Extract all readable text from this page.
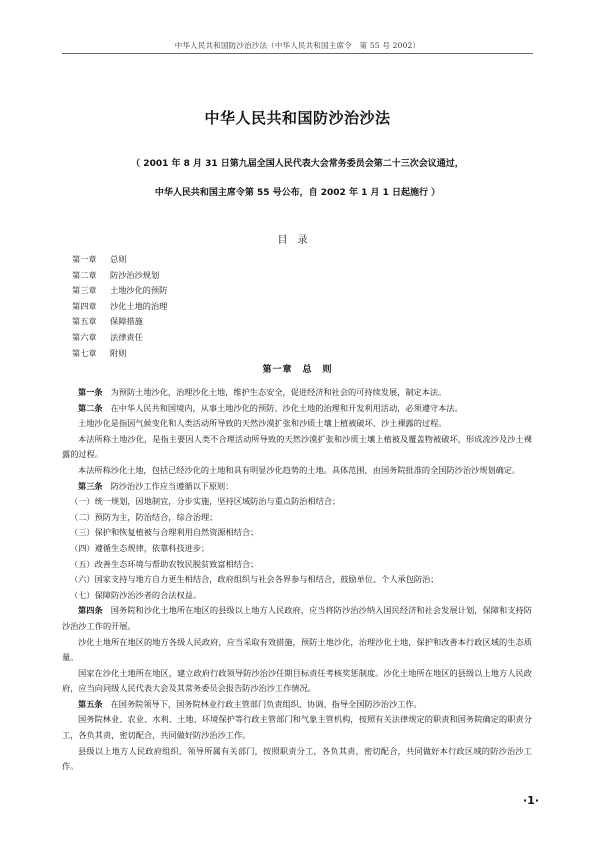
中华人民共和国防沙治沙法（中华人民共和国主席令　第 55 号 2002）
中华人民共和国防沙治沙法
（ 2001 年 8 月 31 日第九届全国人民代表大会常务委员会第二十三次会议通过，
中华人民共和国主席令第 55 号公布，自 2002 年 1 月 1 日起施行 ）
目录
第一章 总则
第二章 防沙治沙规划
第三章 土地沙化的预防
第四章 沙化土地的治理
第五章 保障措施
第六章 法律责任
第七章 附则
第一章　总　则

第一条 为预防土地沙化，治理沙化土地，维护生态安全，促进经济和社会的可持续发展，制定本法。

第二条 在中华人民共和国境内，从事土地沙化的预防、沙化土地的治理和开发利用活动，必须遵守本法。

土地沙化是指因气候变化和人类活动所导致的天然沙漠扩张和沙质土壤上植被破坏、沙土裸露的过程。

本法所称土地沙化，是指主要因人类不合理活动所导致的天然沙漠扩张和沙质土壤上植被及覆盖物被破坏，形成流沙及沙土裸露的过程。

本法所称沙化土地，包括已经沙化的土地和具有明显沙化趋势的土地。具体范围，由国务院批准的全国防沙治沙规划确定。

第三条 防沙治沙工作应当遵循以下原则：

（一）统一规划，因地制宜，分步实施，坚持区域防治与重点防治相结合；

（二）预防为主，防治结合，综合治理；

（三）保护和恢复植被与合理利用自然资源相结合；

（四）遵循生态规律，依靠科技进步；

（五）改善生态环境与帮助农牧民脱贫致富相结合；

（六）国家支持与地方自力更生相结合，政府组织与社会各界参与相结合，鼓励单位、个人承包防治；

（七）保障防沙治沙者的合法权益。

第四条 国务院和沙化土地所在地区的县级以上地方人民政府，应当将防沙治沙纳入国民经济和社会发展计划，保障和支持防沙治沙工作的开展。

沙化土地所在地区的地方各级人民政府，应当采取有效措施，预防土地沙化，治理沙化土地，保护和改善本行政区域的生态质量。

国家在沙化土地所在地区，建立政府行政领导防沙治沙任期目标责任考核奖惩制度。沙化土地所在地区的县级以上地方人民政府，应当向同级人民代表大会及其常务委员会报告防沙治沙工作情况。

第五条 在国务院领导下，国务院林业行政主管部门负责组织、协调、指导全国防沙治沙工作。

国务院林业、农业、水利、土地、环境保护等行政主管部门和气象主管机构，按照有关法律规定的职责和国务院确定的职责分工，各负其责，密切配合，共同做好防沙治沙工作。

县级以上地方人民政府组织、领导所属有关部门，按照职责分工，各负其责，密切配合，共同做好本行政区域的防沙治沙工作。

·1·
